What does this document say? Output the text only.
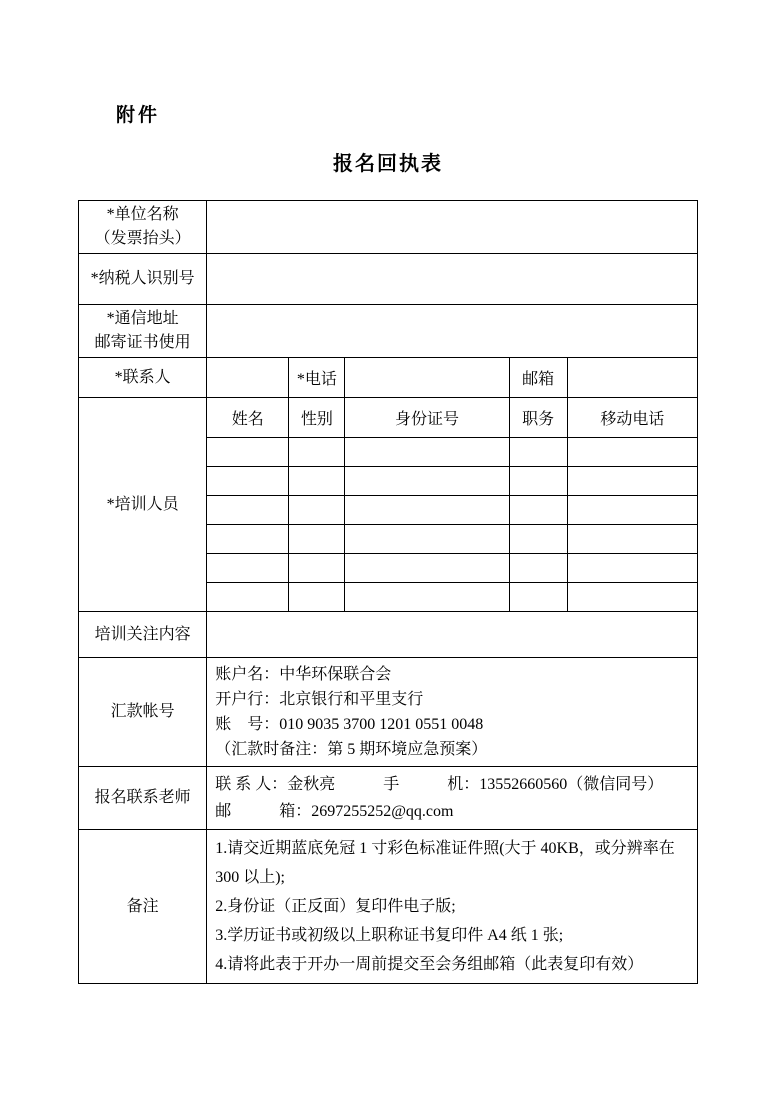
附件
报名回执表
*单位名称
（发票抬头）					

*纳税人识别号					

*通信地址
邮寄证书使用					

*联系人		*电话		邮箱	
*培训人员	姓名	性别	身份证号	职务	移动电话

培训关注内容					
汇款帐号	账户名：中华环保联合会
开户行：北京银行和平里支行
账　号：010 9035 3700 1201 0551 0048
（汇款时备注：第 5 期环境应急预案）				

报名联系老师	联 系 人：金秋亮　　　手　　　机：13552660560（微信同号）
邮　　　箱：2697255252@qq.com				

备注	1.请交近期蓝底免冠 1 寸彩色标准证件照(大于 40KB，或分辨率在 300 以上);
2.身份证（正反面）复印件电子版;
3.学历证书或初级以上职称证书复印件 A4 纸 1 张;
4.请将此表于开办一周前提交至会务组邮箱（此表复印有效）				
